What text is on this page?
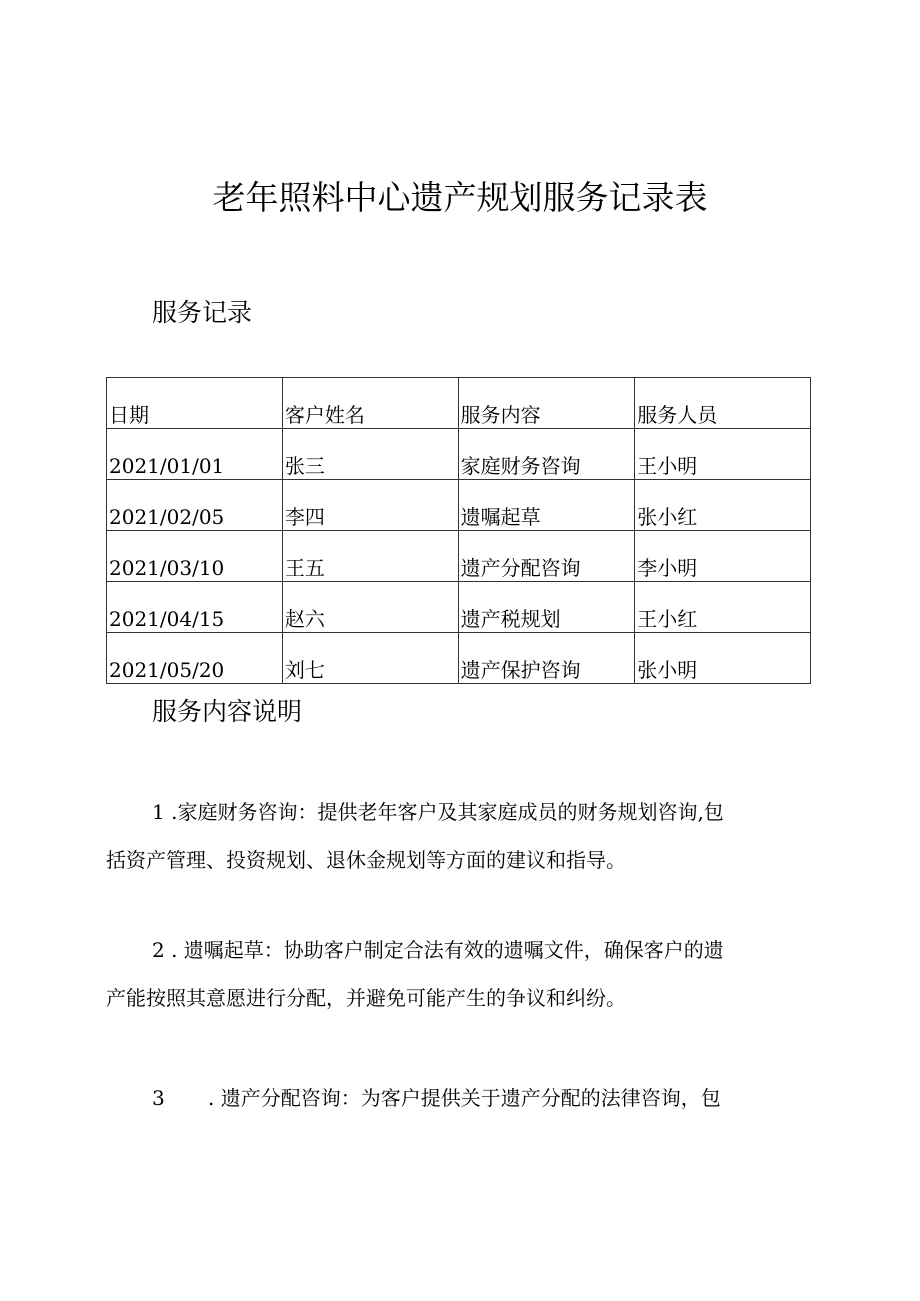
老年照料中心遗产规划服务记录表
服务记录
日期	客户姓名	服务内容	服务人员
2021/01/01	张三	家庭财务咨询	王小明
2021/02/05	李四	遗嘱起草	张小红
2021/03/10	王五	遗产分配咨询	李小明
2021/04/15	赵六	遗产税规划	王小红
2021/05/20	刘七	遗产保护咨询	张小明
服务内容说明
1 .家庭财务咨询：提供老年客户及其家庭成员的财务规划咨询,包
括资产管理、投资规划、退休金规划等方面的建议和指导。
2 . 遗嘱起草：协助客户制定合法有效的遗嘱文件，确保客户的遗
产能按照其意愿进行分配，并避免可能产生的争议和纠纷。
3 . 遗产分配咨询：为客户提供关于遗产分配的法律咨询，包
